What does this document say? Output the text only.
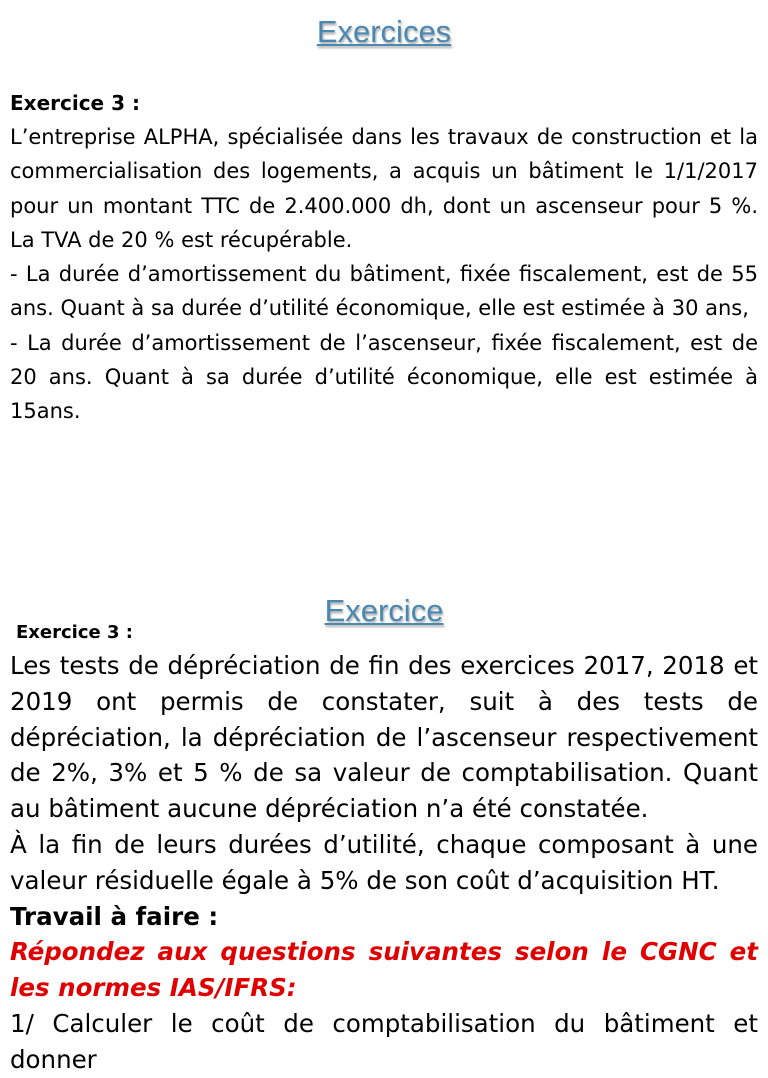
Exercices
Exercice 3 :

L’entreprise ALPHA, spécialisée dans les travaux de construction et la commercialisation des logements, a acquis un bâtiment le 1/1/2017 pour un montant TTC de 2.400.000 dh, dont un ascenseur pour 5 %. La TVA de 20 % est récupérable.

- La durée d’amortissement du bâtiment, fixée fiscalement, est de 55 ans. Quant à sa durée d’utilité économique, elle est estimée à 30 ans,

- La durée d’amortissement de l’ascenseur, fixée fiscalement, est de 20 ans. Quant à sa durée d’utilité économique, elle est estimée à 15ans.

Exercice
Exercice 3 :

Les tests de dépréciation de fin des exercices 2017, 2018 et 2019 ont permis de constater, suit à des tests de dépréciation, la dépréciation de l’ascenseur respectivement de 2%, 3% et 5 % de sa valeur de comptabilisation. Quant au bâtiment aucune dépréciation n’a été constatée.

À la fin de leurs durées d’utilité, chaque composant à une valeur résiduelle égale à 5% de son coût d’acquisition HT.

Travail à faire :

Répondez aux questions suivantes selon le CGNC et les normes IAS/IFRS:

1/ Calculer le coût de comptabilisation du bâtiment et donner
